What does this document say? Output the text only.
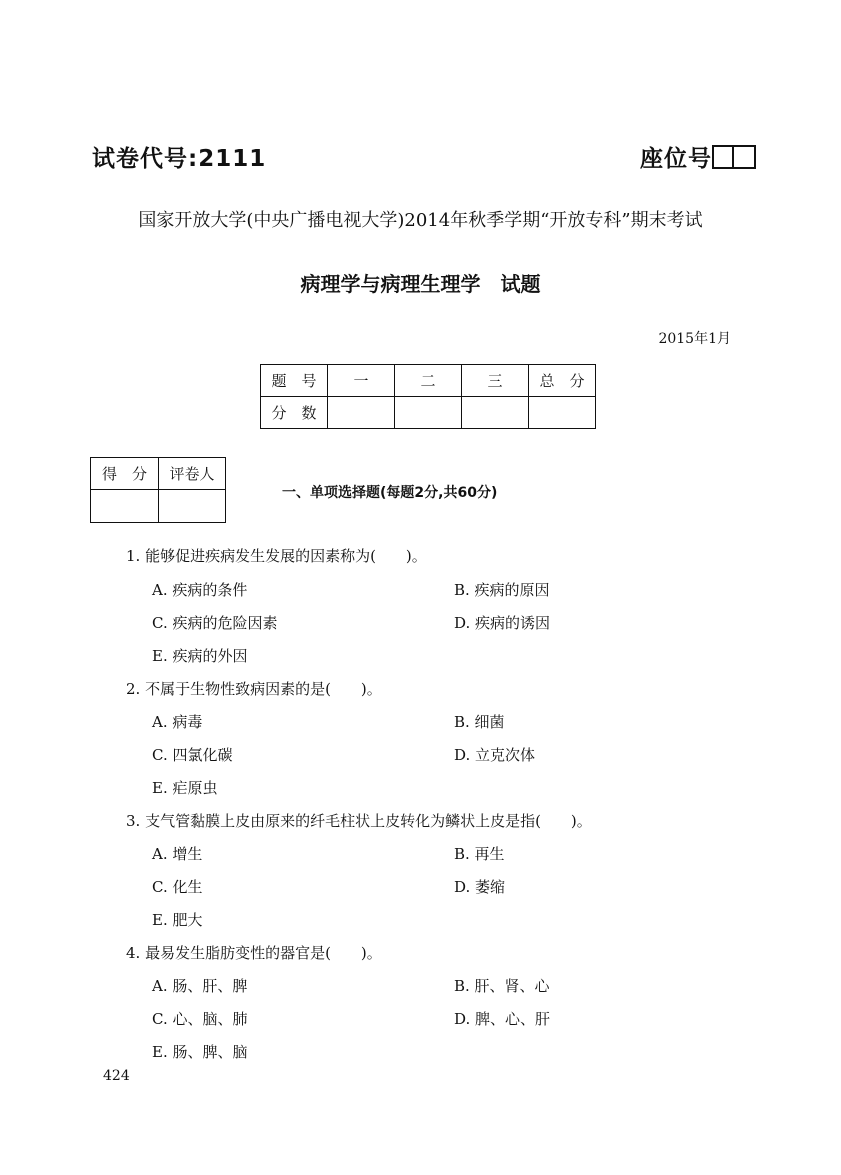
试卷代号:2111	座位号
国家开放大学(中央广播电视大学)2014年秋季学期“开放专科”期末考试
病理学与病理生理学　试题
2015年1月
题　号	一	二	三	总　分
分　数				
得　分	评卷人

一、单项选择题(每题2分,共60分)
1. 能够促进疾病发生发展的因素称为(　　)。
A. 疾病的条件	B. 疾病的原因
C. 疾病的危险因素	D. 疾病的诱因
E. 疾病的外因
2. 不属于生物性致病因素的是(　　)。
A. 病毒	B. 细菌
C. 四氯化碳	D. 立克次体
E. 疟原虫
3. 支气管黏膜上皮由原来的纤毛柱状上皮转化为鳞状上皮是指(　　)。
A. 增生	B. 再生
C. 化生	D. 萎缩
E. 肥大
4. 最易发生脂肪变性的器官是(　　)。
A. 肠、肝、脾	B. 肝、肾、心
C. 心、脑、肺	D. 脾、心、肝
E. 肠、脾、脑
424
